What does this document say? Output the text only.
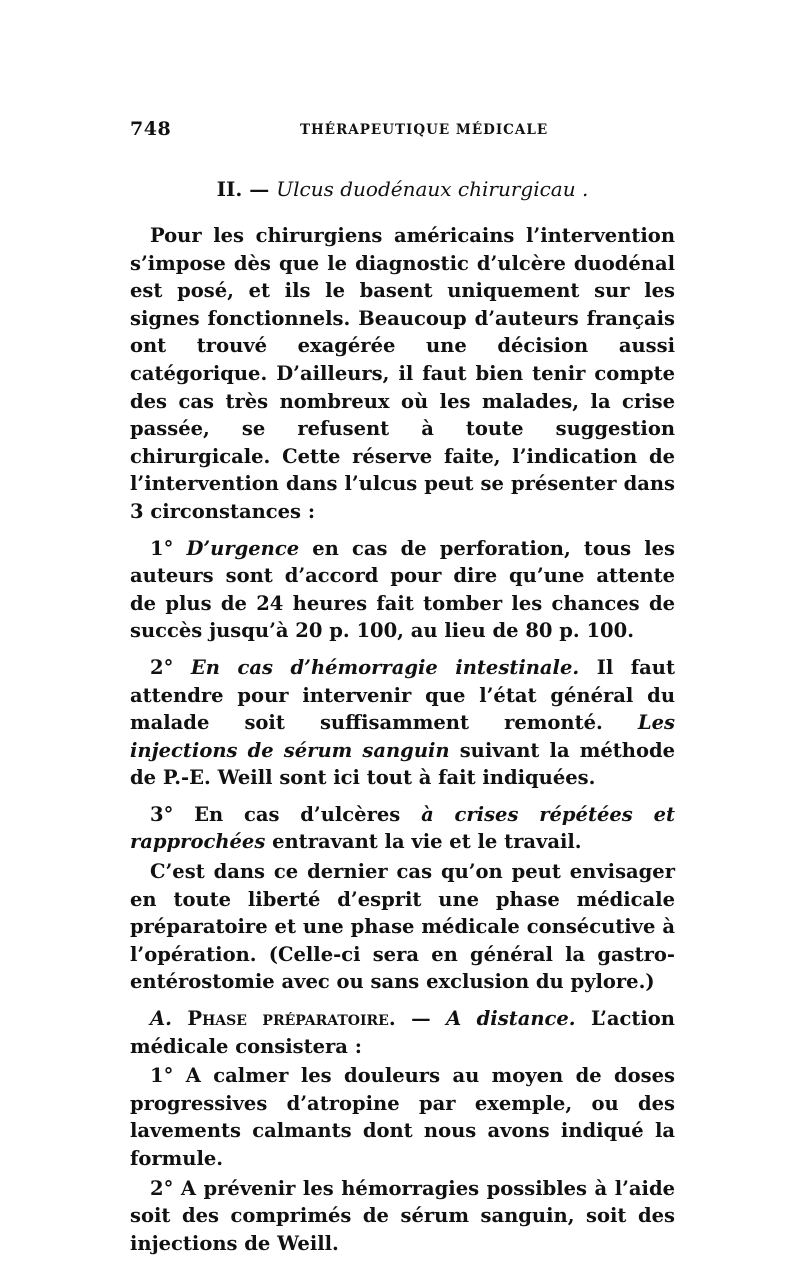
748	THÉRAPEUTIQUE MÉDICALE
II. — Ulcus duodénaux chirurgicau .

Pour les chirurgiens américains l’intervention s’impose dès que le diagnostic d’ulcère duodénal est posé, et ils le basent uniquement sur les signes fonctionnels. Beaucoup d’auteurs français ont trouvé exagérée une décision aussi catégorique. D’ailleurs, il faut bien tenir compte des cas très nombreux où les malades, la crise passée, se refusent à toute suggestion chirurgicale. Cette réserve faite, l’indication de l’intervention dans l’ulcus peut se présenter dans 3 circonstances :

1° D’urgence en cas de perforation, tous les auteurs sont d’accord pour dire qu’une attente de plus de 24 heures fait tomber les chances de succès jusqu’à 20 p. 100, au lieu de 80 p. 100.

2° En cas d’hémorragie intestinale. Il faut attendre pour intervenir que l’état général du malade soit suffisamment remonté. Les injections de sérum sanguin suivant la méthode de P.-E. Weill sont ici tout à fait indiquées.

3° En cas d’ulcères à crises répétées et rapprochées entravant la vie et le travail.

C’est dans ce dernier cas qu’on peut envisager en toute liberté d’esprit une phase médicale préparatoire et une phase médicale consécutive à l’opération. (Celle-ci sera en général la gastro-entérostomie avec ou sans exclusion du pylore.)

A. Phase préparatoire. — A distance. L’action médicale consistera :

1° A calmer les douleurs au moyen de doses progressives d’atropine par exemple, ou des lavements calmants dont nous avons indiqué la formule.

2° A prévenir les hémorragies possibles à l’aide soit des comprimés de sérum sanguin, soit des injections de Weill.
